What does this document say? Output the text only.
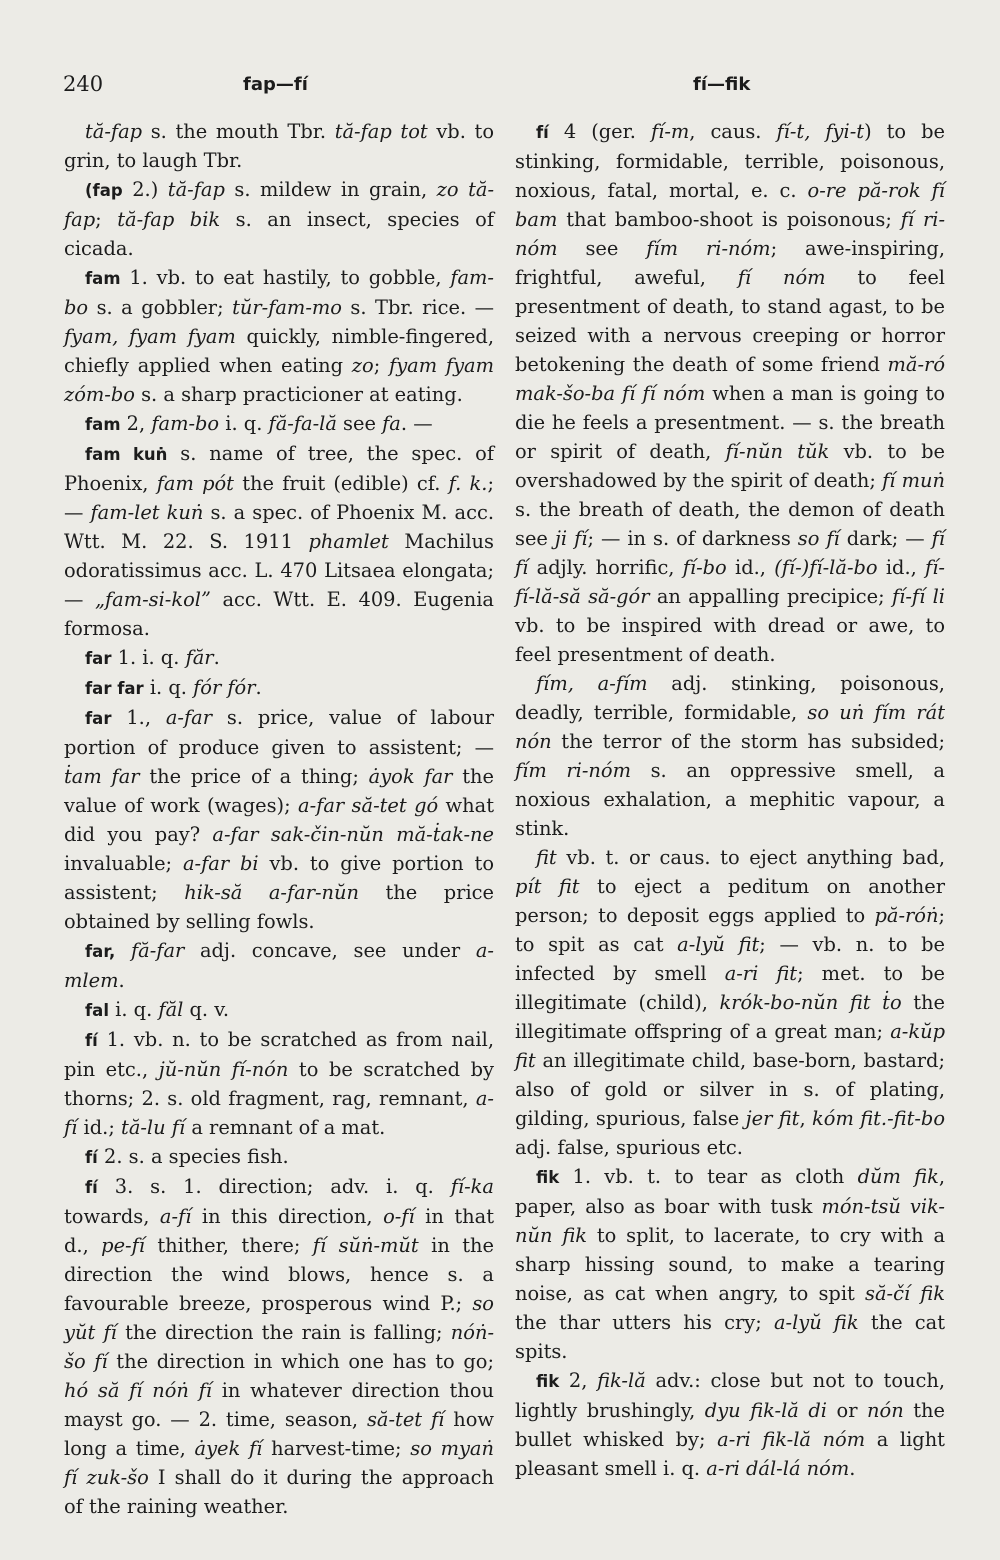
240	fap—fí	fí—fik

tă-fap s. the mouth Tbr. tă-fap tot vb. to grin, to laugh Tbr.

(fap 2.) tă-fap s. mildew in grain, zo tă-fap; tă-fap bik s. an insect, species of cicada.

fam 1. vb. to eat hastily, to gobble, fam-bo s. a gobbler; tŭr-fam-mo s. Tbr. rice. — fyam, fyam fyam quickly, nimble-fingered, chiefly applied when eating zo; fyam fyam zóm-bo s. a sharp practicioner at eating.

fam 2, fam-bo i. q. fă-fa-lă see fa. —

fam kuṅ s. name of tree, the spec. of Phoenix, fam pót the fruit (edible) cf. f. k.; — fam-let kuṅ s. a spec. of Phoenix M. acc. Wtt. M. 22. S. 1911 phamlet Machilus odoratissimus acc. L. 470 Litsaea elongata; — „fam-si-kol” acc. Wtt. E. 409. Eugenia formosa.

far 1. i. q. făr.

far far i. q. fór fór.

far 1., a-far s. price, value of labour portion of produce given to assistent; — ṫam far the price of a thing; ȧyok far the value of work (wages); a-far să-tet gó what did you pay? a-far sak-čin-nŭn mă-ṫak-ne invaluable; a-far bi vb. to give portion to assistent; hik-să a-far-nŭn the price obtained by selling fowls.

far, fă-far adj. concave, see under a-mlem.

fal i. q. făl q. v.

fí 1. vb. n. to be scratched as from nail, pin etc., jŭ-nŭn fí-nón to be scratched by thorns; 2. s. old fragment, rag, remnant, a-fí id.; tă-lu fí a remnant of a mat.

fí 2. s. a species fish.

fí 3. s. 1. direction; adv. i. q. fí-ka towards, a-fí in this direction, o-fí in that d., pe-fí thither, there; fí sŭṅ-mŭt in the direction the wind blows, hence s. a favourable breeze, prosperous wind P.; so yŭt fí the direction the rain is falling; nóṅ-šo fí the direction in which one has to go; hó să fí nóṅ fí in whatever direction thou mayst go. — 2. time, season, să-tet fí how long a time, ȧyek fí harvest-time; so myaṅ fí zuk-šo I shall do it during the approach of the raining weather.

fí 4 (ger. fí-m, caus. fí-t, fyi-t) to be stinking, formidable, terrible, poisonous, noxious, fatal, mortal, e. c. o-re pă-rok fí bam that bamboo-shoot is poisonous; fí ri-nóm see fím ri-nóm; awe-inspiring, frightful, aweful, fí nóm to feel presentment of death, to stand agast, to be seized with a nervous creeping or horror betokening the death of some friend mă-ró mak-šo-ba fí fí nóm when a man is going to die he feels a presentment. — s. the breath or spirit of death, fí-nŭn tŭk vb. to be overshadowed by the spirit of death; fí muṅ s. the breath of death, the demon of death see ji fí; — in s. of darkness so fí dark; — fí fí adjly. horrific, fí-bo id., (fí-)fí-lă-bo id., fí-fí-lă-să să-gór an appalling precipice; fí-fí li vb. to be inspired with dread or awe, to feel presentment of death.

fím, a-fím adj. stinking, poisonous, deadly, terrible, formidable, so uṅ fím rát nón the terror of the storm has subsided; fím ri-nóm s. an oppressive smell, a noxious exhalation, a mephitic vapour, a stink.

fit vb. t. or caus. to eject anything bad, pít fit to eject a peditum on another person; to deposit eggs applied to pă-róṅ; to spit as cat a-lyŭ fit; — vb. n. to be infected by smell a-ri fit; met. to be illegitimate (child), krók-bo-nŭn fit ṫo the illegitimate offspring of a great man; a-kŭp fit an illegitimate child, base-born, bastard; also of gold or silver in s. of plating, gilding, spurious, false jer fit, kóm fit.-fit-bo adj. false, spurious etc.

fik 1. vb. t. to tear as cloth dŭm fik, paper, also as boar with tusk món-tsŭ vik-nŭn fik to split, to lacerate, to cry with a sharp hissing sound, to make a tearing noise, as cat when angry, to spit să-čí fik the thar utters his cry; a-lyŭ fik the cat spits.

fik 2, fik-lă adv.: close but not to touch, lightly brushingly, dyu fik-lă di or nón the bullet whisked by; a-ri fik-lă nóm a light pleasant smell i. q. a-ri dál-lá nóm.
